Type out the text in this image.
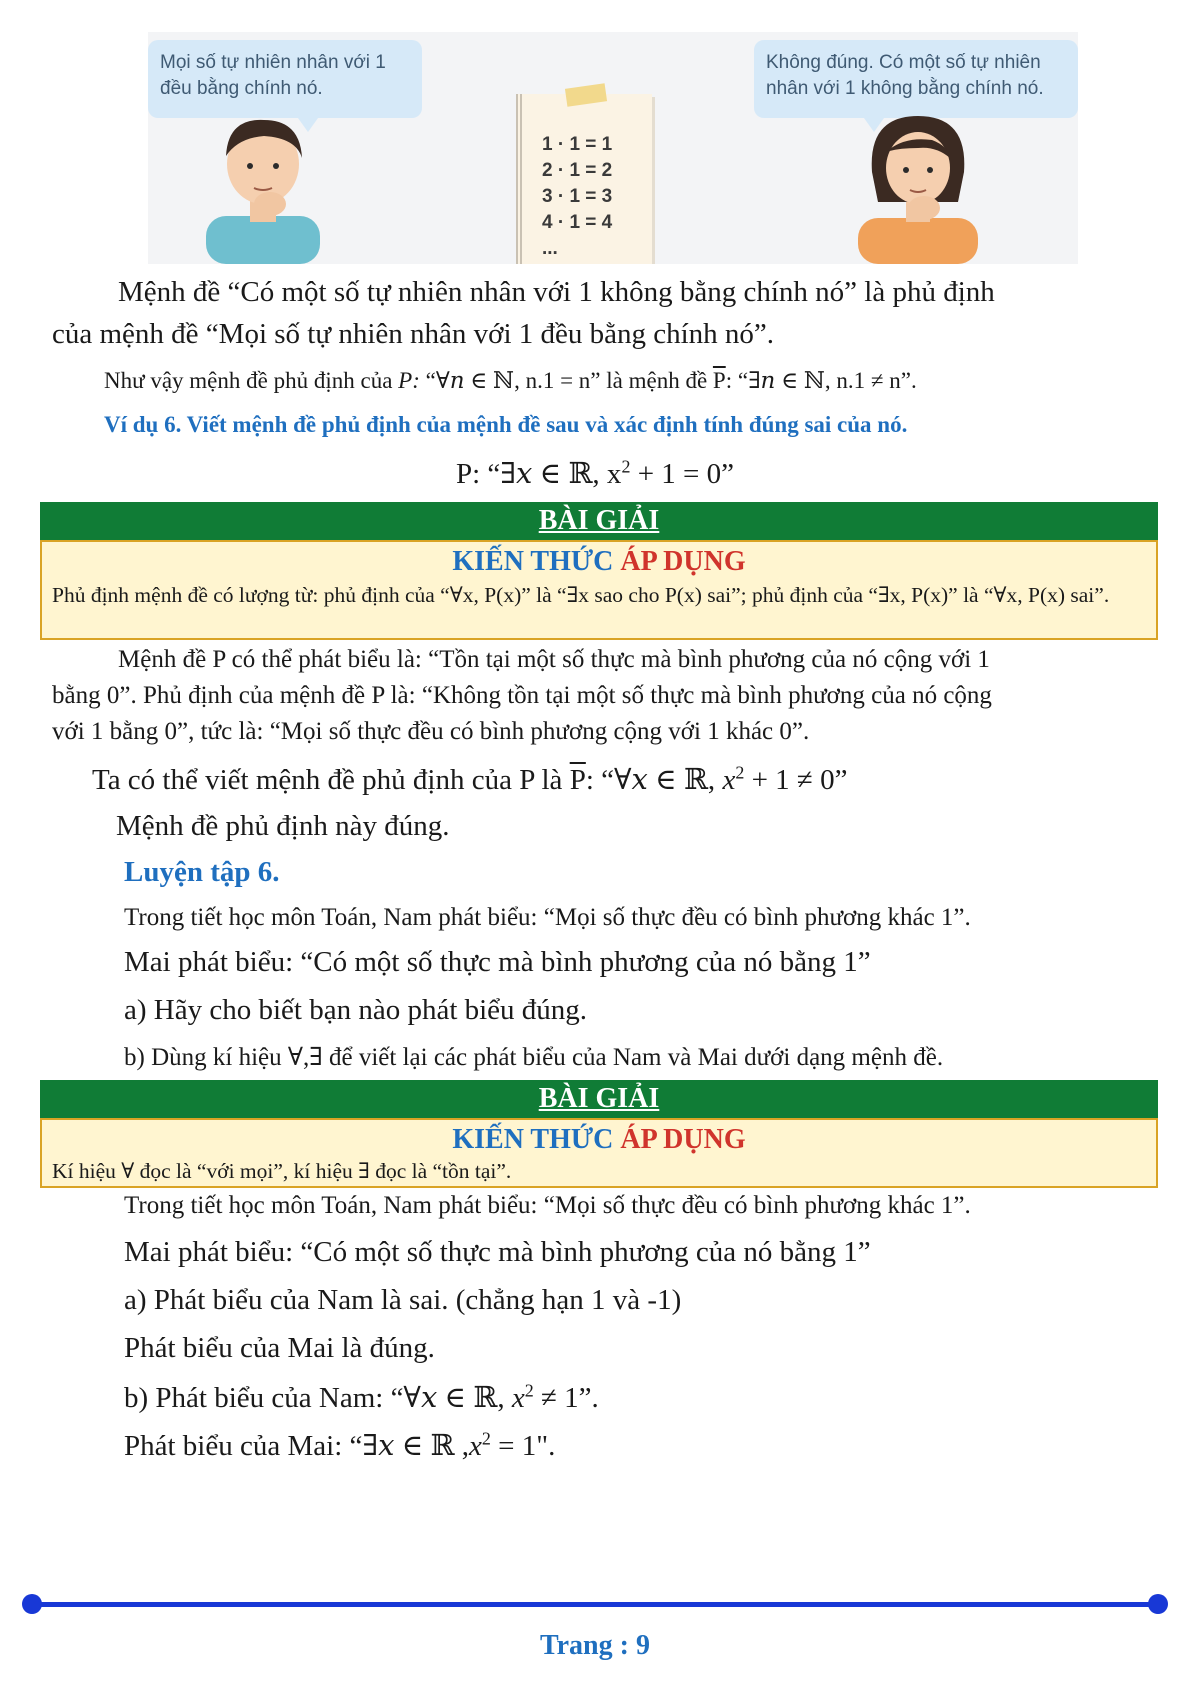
Mọi số tự nhiên nhân với 1 đều bằng chính nó.
Không đúng. Có một số tự nhiên nhân với 1 không bằng chính nó.
1 · 1 = 1
2 · 1 = 2
3 · 1 = 3
4 · 1 = 4
...
Mệnh đề “Có một số tự nhiên nhân với 1 không bằng chính nó” là phủ định
của mệnh đề “Mọi số tự nhiên nhân với 1 đều bằng chính nó”.
Như vậy mệnh đề phủ định của P: “∀𝑛 ∈ ℕ, n.1 = n” là mệnh đề $\overline{P}$: “∃𝑛 ∈ ℕ, n.1 ≠ n”.
Ví dụ 6. Viết mệnh đề phủ định của mệnh đề sau và xác định tính đúng sai của nó.
P: “∃𝑥 ∈ ℝ, $x^2 + 1 = 0$”
BÀI GIẢI
KIẾN THỨC ÁP DỤNG
Phủ định mệnh đề có lượng từ: phủ định của “∀x, P(x)” là “∃x sao cho P(x) sai”; phủ định của “∃x, P(x)” là “∀x, P(x) sai”.
Mệnh đề P có thể phát biểu là: “Tồn tại một số thực mà bình phương của nó cộng với 1
bằng 0”. Phủ định của mệnh đề P là: “Không tồn tại một số thực mà bình phương của nó cộng
với 1 bằng 0”, tức là: “Mọi số thực đều có bình phương cộng với 1 khác 0”.
Ta có thể viết mệnh đề phủ định của P là $\overline{P}$: “∀𝑥 ∈ ℝ, $x^2 + 1 \ne 0$”
Mệnh đề phủ định này đúng.
Luyện tập 6.
Trong tiết học môn Toán, Nam phát biểu: “Mọi số thực đều có bình phương khác 1”.
Mai phát biểu: “Có một số thực mà bình phương của nó bằng 1”
a) Hãy cho biết bạn nào phát biểu đúng.
b) Dùng kí hiệu ∀,∃ để viết lại các phát biểu của Nam và Mai dưới dạng mệnh đề.
BÀI GIẢI
KIẾN THỨC ÁP DỤNG
Kí hiệu ∀ đọc là “với mọi”, kí hiệu ∃ đọc là “tồn tại”.
Trong tiết học môn Toán, Nam phát biểu: “Mọi số thực đều có bình phương khác 1”.
Mai phát biểu: “Có một số thực mà bình phương của nó bằng 1”
a) Phát biểu của Nam là sai. (chẳng hạn 1 và -1)
Phát biểu của Mai là đúng.
b) Phát biểu của Nam: “∀𝑥 ∈ ℝ, $x^2 \ne 1$”.
Phát biểu của Mai: “∃𝑥 ∈ ℝ $,x^2 = 1$".
Trang : 9
